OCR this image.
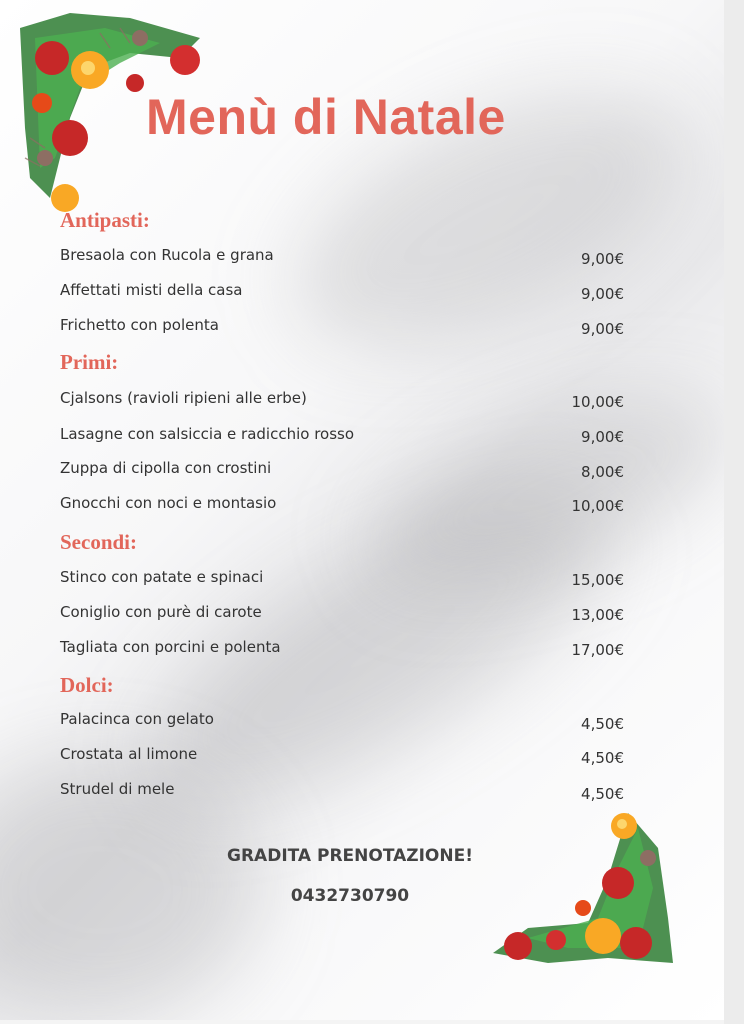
Menù di Natale
Antipasti:
Bresaola con Rucola e grana	9,00€
Affettati misti della casa	9,00€
Frichetto con polenta	9,00€
Primi:
Cjalsons (ravioli ripieni alle erbe)	10,00€
Lasagne con salsiccia e radicchio rosso	9,00€
Zuppa di cipolla con crostini	8,00€
Gnocchi con noci e montasio	10,00€
Secondi:
Stinco con patate e spinaci	15,00€
Coniglio con purè di carote	13,00€
Tagliata con porcini e polenta	17,00€
Dolci:
Palacinca con gelato	4,50€
Crostata al limone	4,50€
Strudel di mele	4,50€
GRADITA PRENOTAZIONE!
0432730790
